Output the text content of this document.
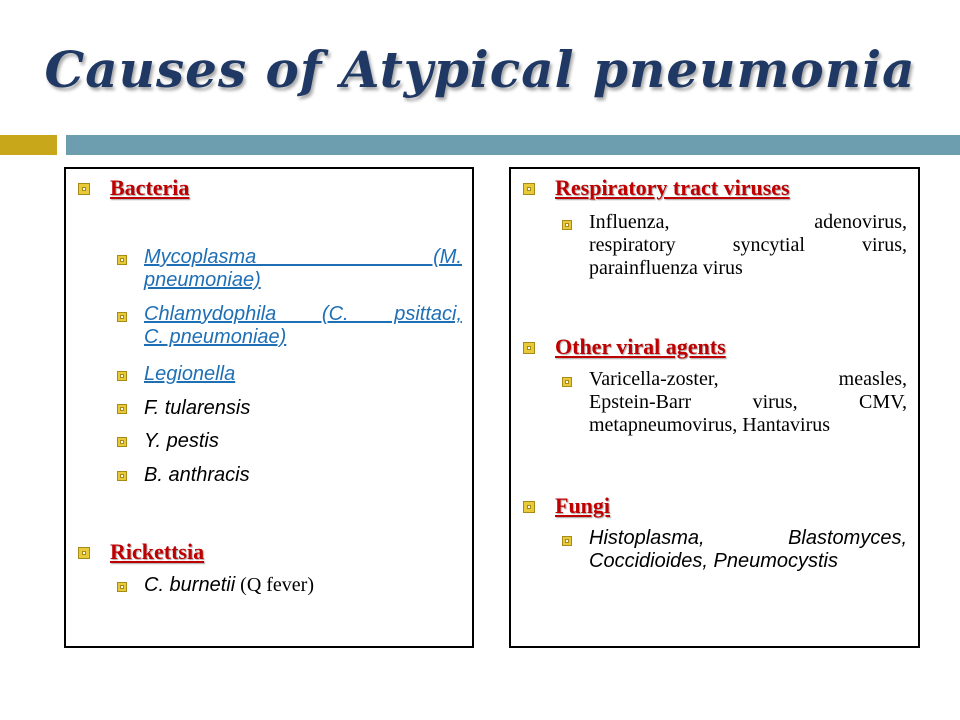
Causes of Atypical pneumonia
Bacteria
Mycoplasma (M.
pneumoniae)
Chlamydophila (C. psittaci,
C. pneumoniae)
Legionella
F. tularensis
Y. pestis
B. anthracis
Rickettsia
C. burnetii (Q fever)
Respiratory tract viruses
Influenza, adenovirus,
respiratory syncytial virus,
parainfluenza virus
Other viral agents
Varicella-zoster, measles,
Epstein-Barr virus, CMV,
metapneumovirus, Hantavirus
Fungi
Histoplasma, Blastomyces,
Coccidioides, Pneumocystis
